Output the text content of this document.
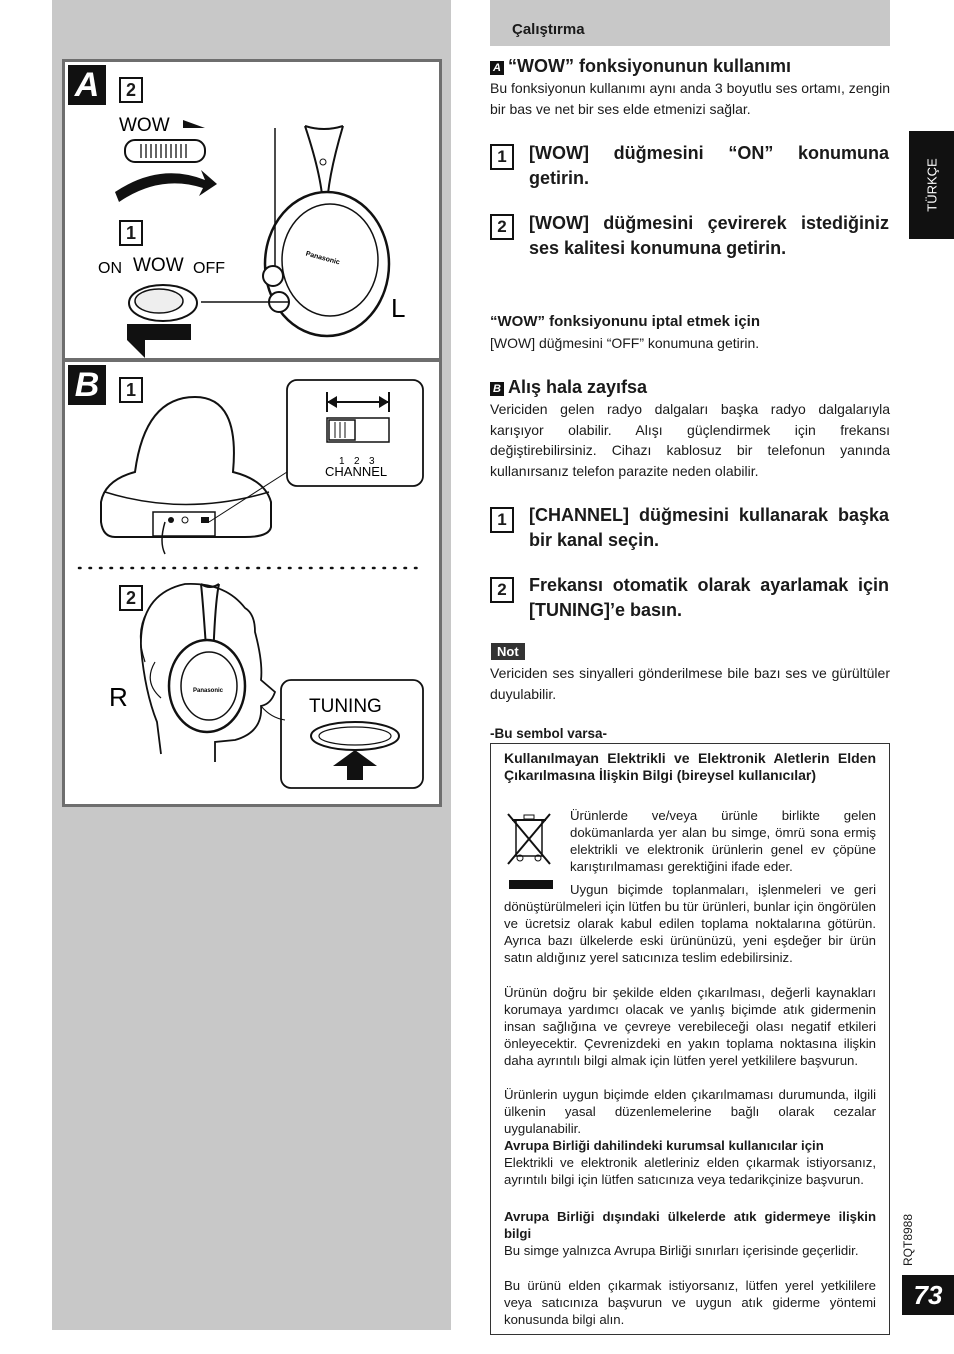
A	2
1
WOW
ON WOW OFF
Panasonic
L
B	1
2
1 2 3
CHANNEL
Panasonic
R	TUNING
Çalıştırma
TÜRKÇE
A “WOW” fonksiyonunun kullanımı
Bu fonksiyonun kullanımı aynı anda 3 boyutlu ses ortamı, zengin bir bas ve net bir ses elde etmenizi sağlar.
1	[WOW] düğmesini “ON” konumuna getirin.
2	[WOW] düğmesini çevirerek istediğiniz ses kalitesi konumuna getirin.
“WOW” fonksiyonunu iptal etmek için
[WOW] düğmesini “OFF” konumuna getirin.
B Alış hala zayıfsa
Vericiden gelen radyo dalgaları başka radyo dalgalarıyla karışıyor olabilir. Alışı güçlendirmek için frekansı değiştirebilirsiniz. Cihazı kablosuz bir telefonun yanında kullanırsanız telefon parazite neden olabilir.
1	[CHANNEL] düğmesini kullanarak başka bir kanal seçin.
2	Frekansı otomatik olarak ayarlamak için [TUNING]’e basın.
Not
Vericiden ses sinyalleri gönderilmese bile bazı ses ve gürültüler duyulabilir.
-Bu sembol varsa-
Kullanılmayan Elektrikli ve Elektronik Aletlerin Elden Çıkarılmasına İlişkin Bilgi (bireysel kullanıcılar)
Ürünlerde ve/veya ürünle birlikte gelen dokümanlarda yer alan bu simge, ömrü sona ermiş elektrikli ve elektronik ürünlerin genel ev çöpüne karıştırılmaması gerektiğini ifade eder.
Uygun biçimde toplanmaları, işlenmeleri ve geri dönüştürülmeleri için lütfen bu tür ürünleri, bunlar için öngörülen ve ücretsiz olarak kabul edilen toplama noktalarına götürün. Ayrıca bazı ülkelerde eski ürününüzü, yeni eşdeğer bir ürün satın aldığınız yerel satıcınıza teslim edebilirsiniz.
Ürünün doğru bir şekilde elden çıkarılması, değerli kaynakları korumaya yardımcı olacak ve yanlış biçimde atık gidermenin insan sağlığına ve çevreye verebileceği olası negatif etkileri önleyecektir. Çevrenizdeki en yakın toplama noktasına ilişkin daha ayrıntılı bilgi almak için lütfen yerel yetkililere başvurun.
Ürünlerin uygun biçimde elden çıkarılmaması durumunda, ilgili ülkenin yasal düzenlemelerine bağlı olarak cezalar uygulanabilir.
Avrupa Birliği dahilindeki kurumsal kullanıcılar için
Elektrikli ve elektronik aletleriniz elden çıkarmak istiyorsanız, ayrıntılı bilgi için lütfen satıcınıza veya tedarikçinize başvurun.
Avrupa Birliği dışındaki ülkelerde atık gidermeye ilişkin bilgi
Bu simge yalnızca Avrupa Birliği sınırları içerisinde geçerlidir.
Bu ürünü elden çıkarmak istiyorsanız, lütfen yerel yetkililere veya satıcınıza başvurun ve uygun atık giderme yöntemi konusunda bilgi alın.
RQT8988
73
